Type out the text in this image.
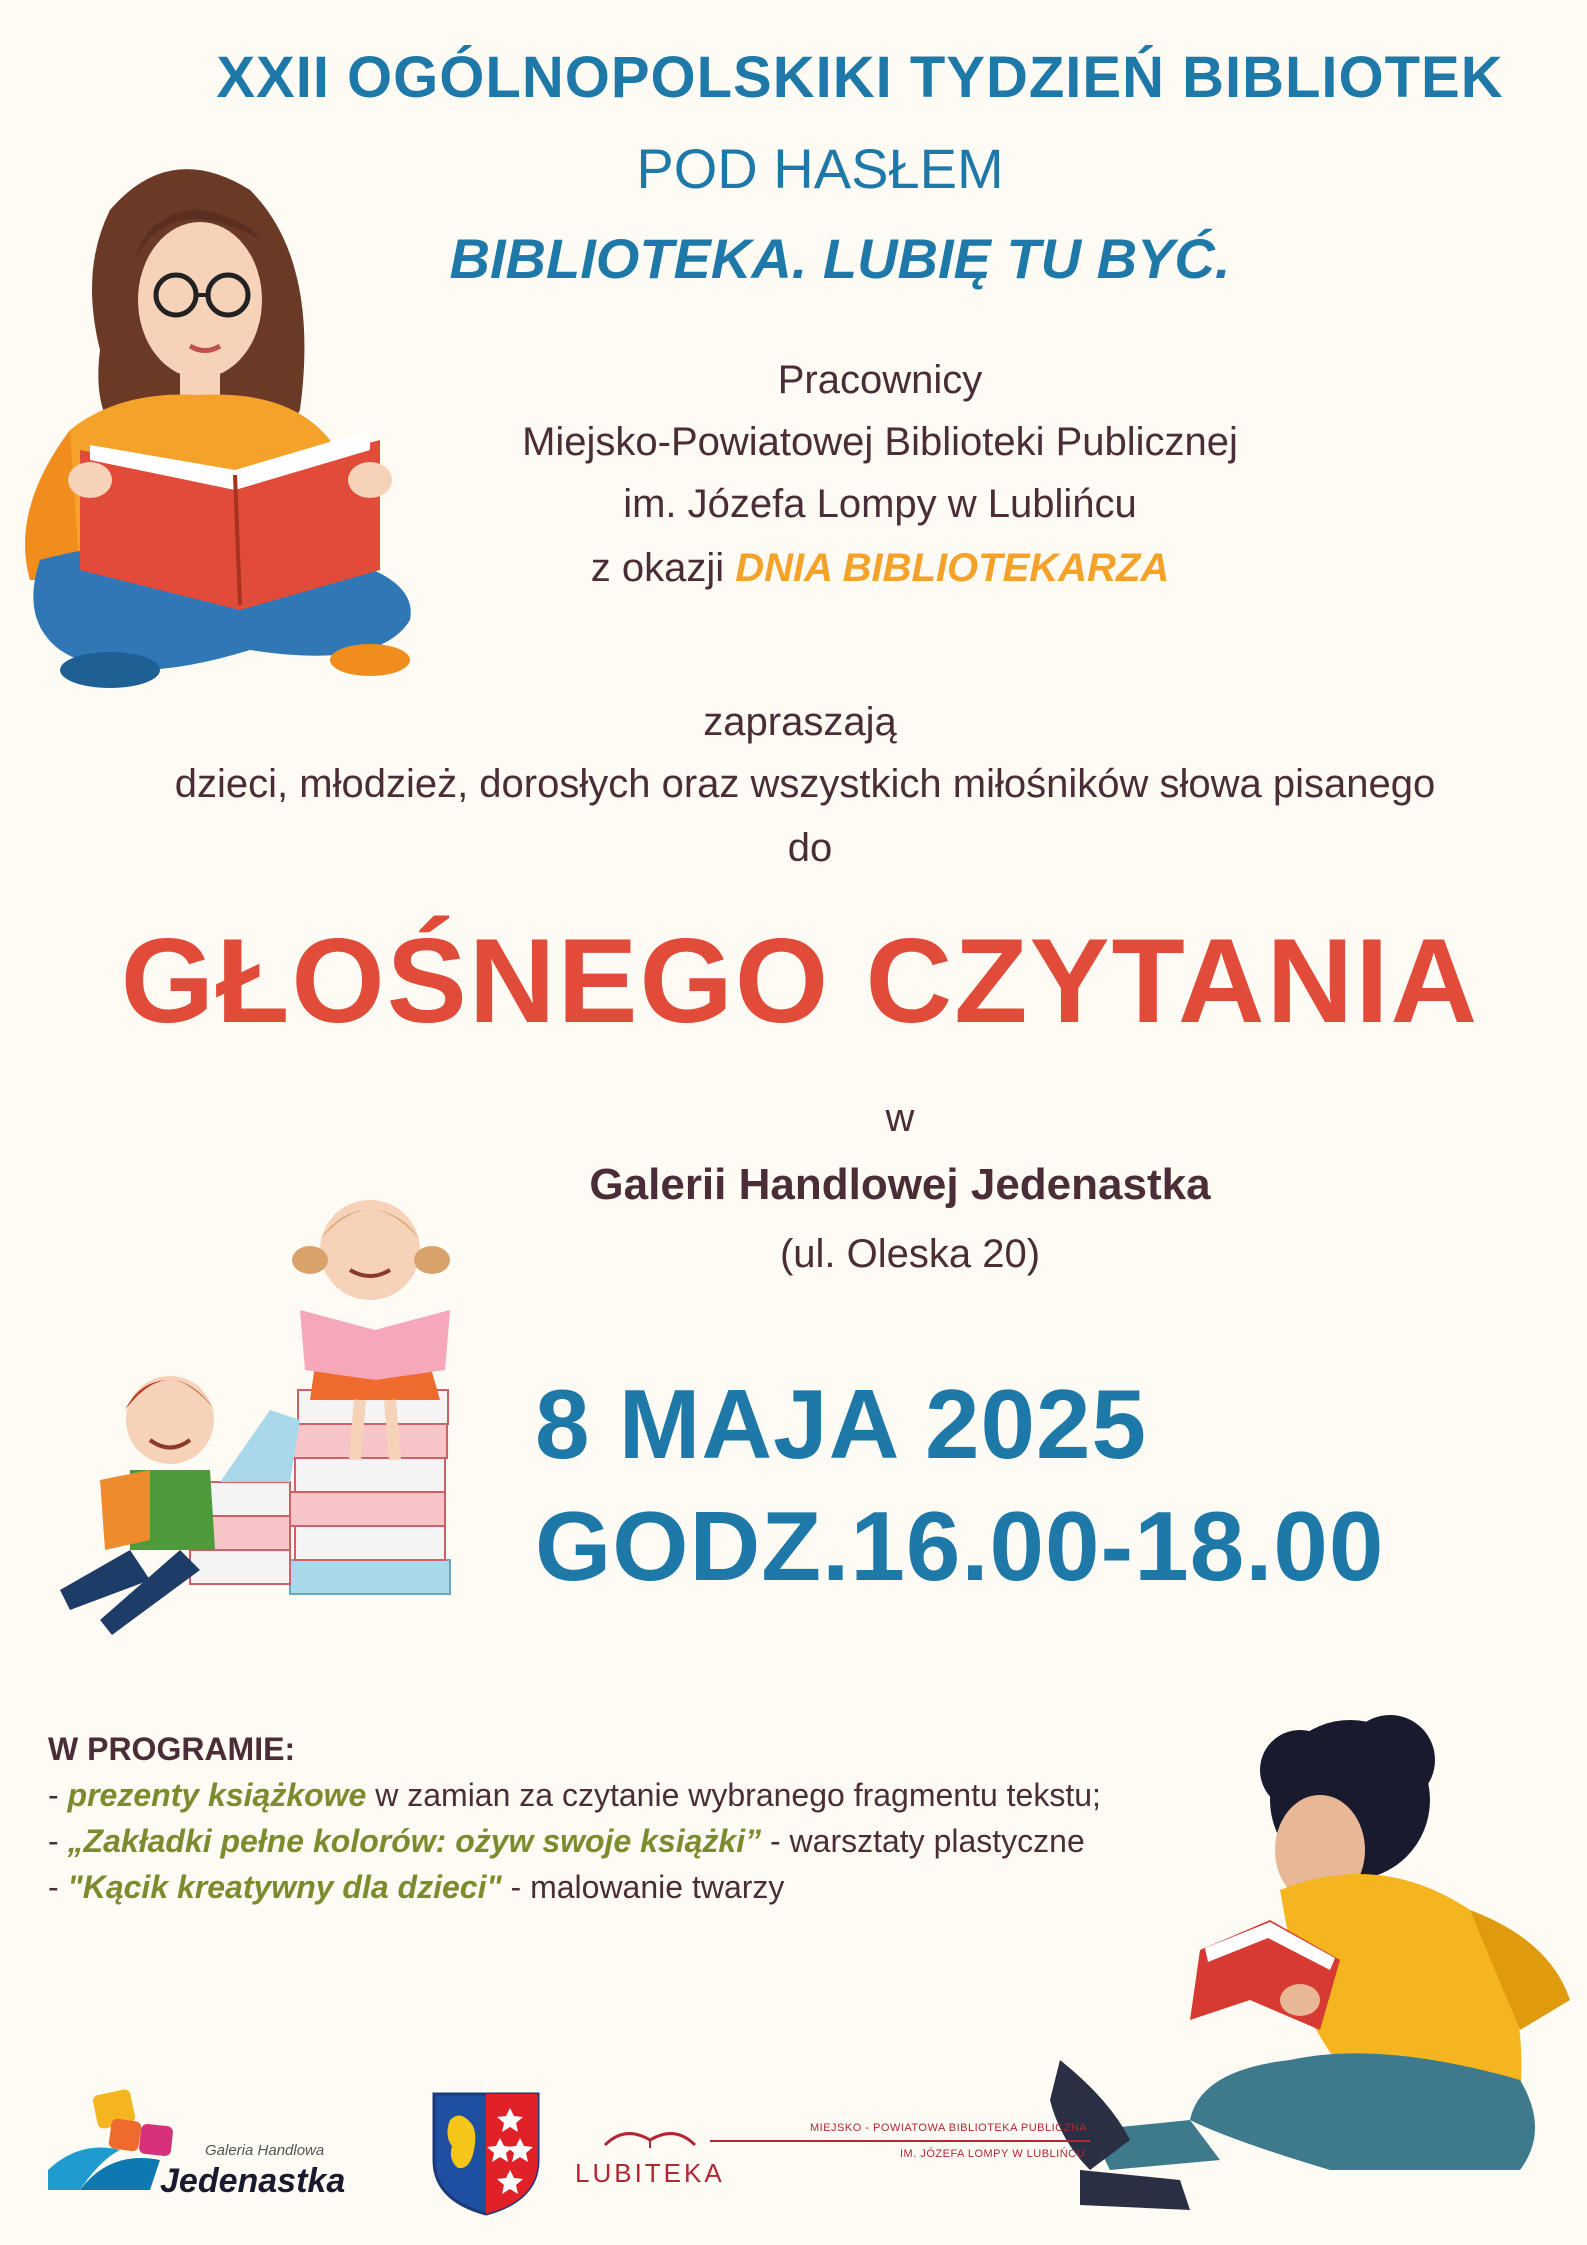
XXII OGÓLNOPOLSKIKI TYDZIEŃ BIBLIOTEK
POD HASŁEM
BIBLIOTEKA. LUBIĘ TU BYĆ.
Pracownicy
Miejsko-Powiatowej Biblioteki Publicznej
im. Józefa Lompy w Lublińcu
z okazji DNIA BIBLIOTEKARZA
zapraszają
dzieci, młodzież, dorosłych oraz wszystkich miłośników słowa pisanego
do
GŁOŚNEGO CZYTANIA
w
Galerii Handlowej Jedenastka
(ul. Oleska 20)
8 MAJA 2025
GODZ.16.00-18.00
W PROGRAMIE:
- prezenty książkowe w zamian za czytanie wybranego fragmentu tekstu;
- „Zakładki pełne kolorów: ożyw swoje książki” - warsztaty plastyczne
- "Kącik kreatywny dla dzieci" - malowanie twarzy
Galeria Handlowa
Jedenastka	LUBITEKA
MIEJSKO - POWIATOWA BIBLIOTEKA PUBLICZNA
IM. JÓZEFA LOMPY W LUBLIŃCU
